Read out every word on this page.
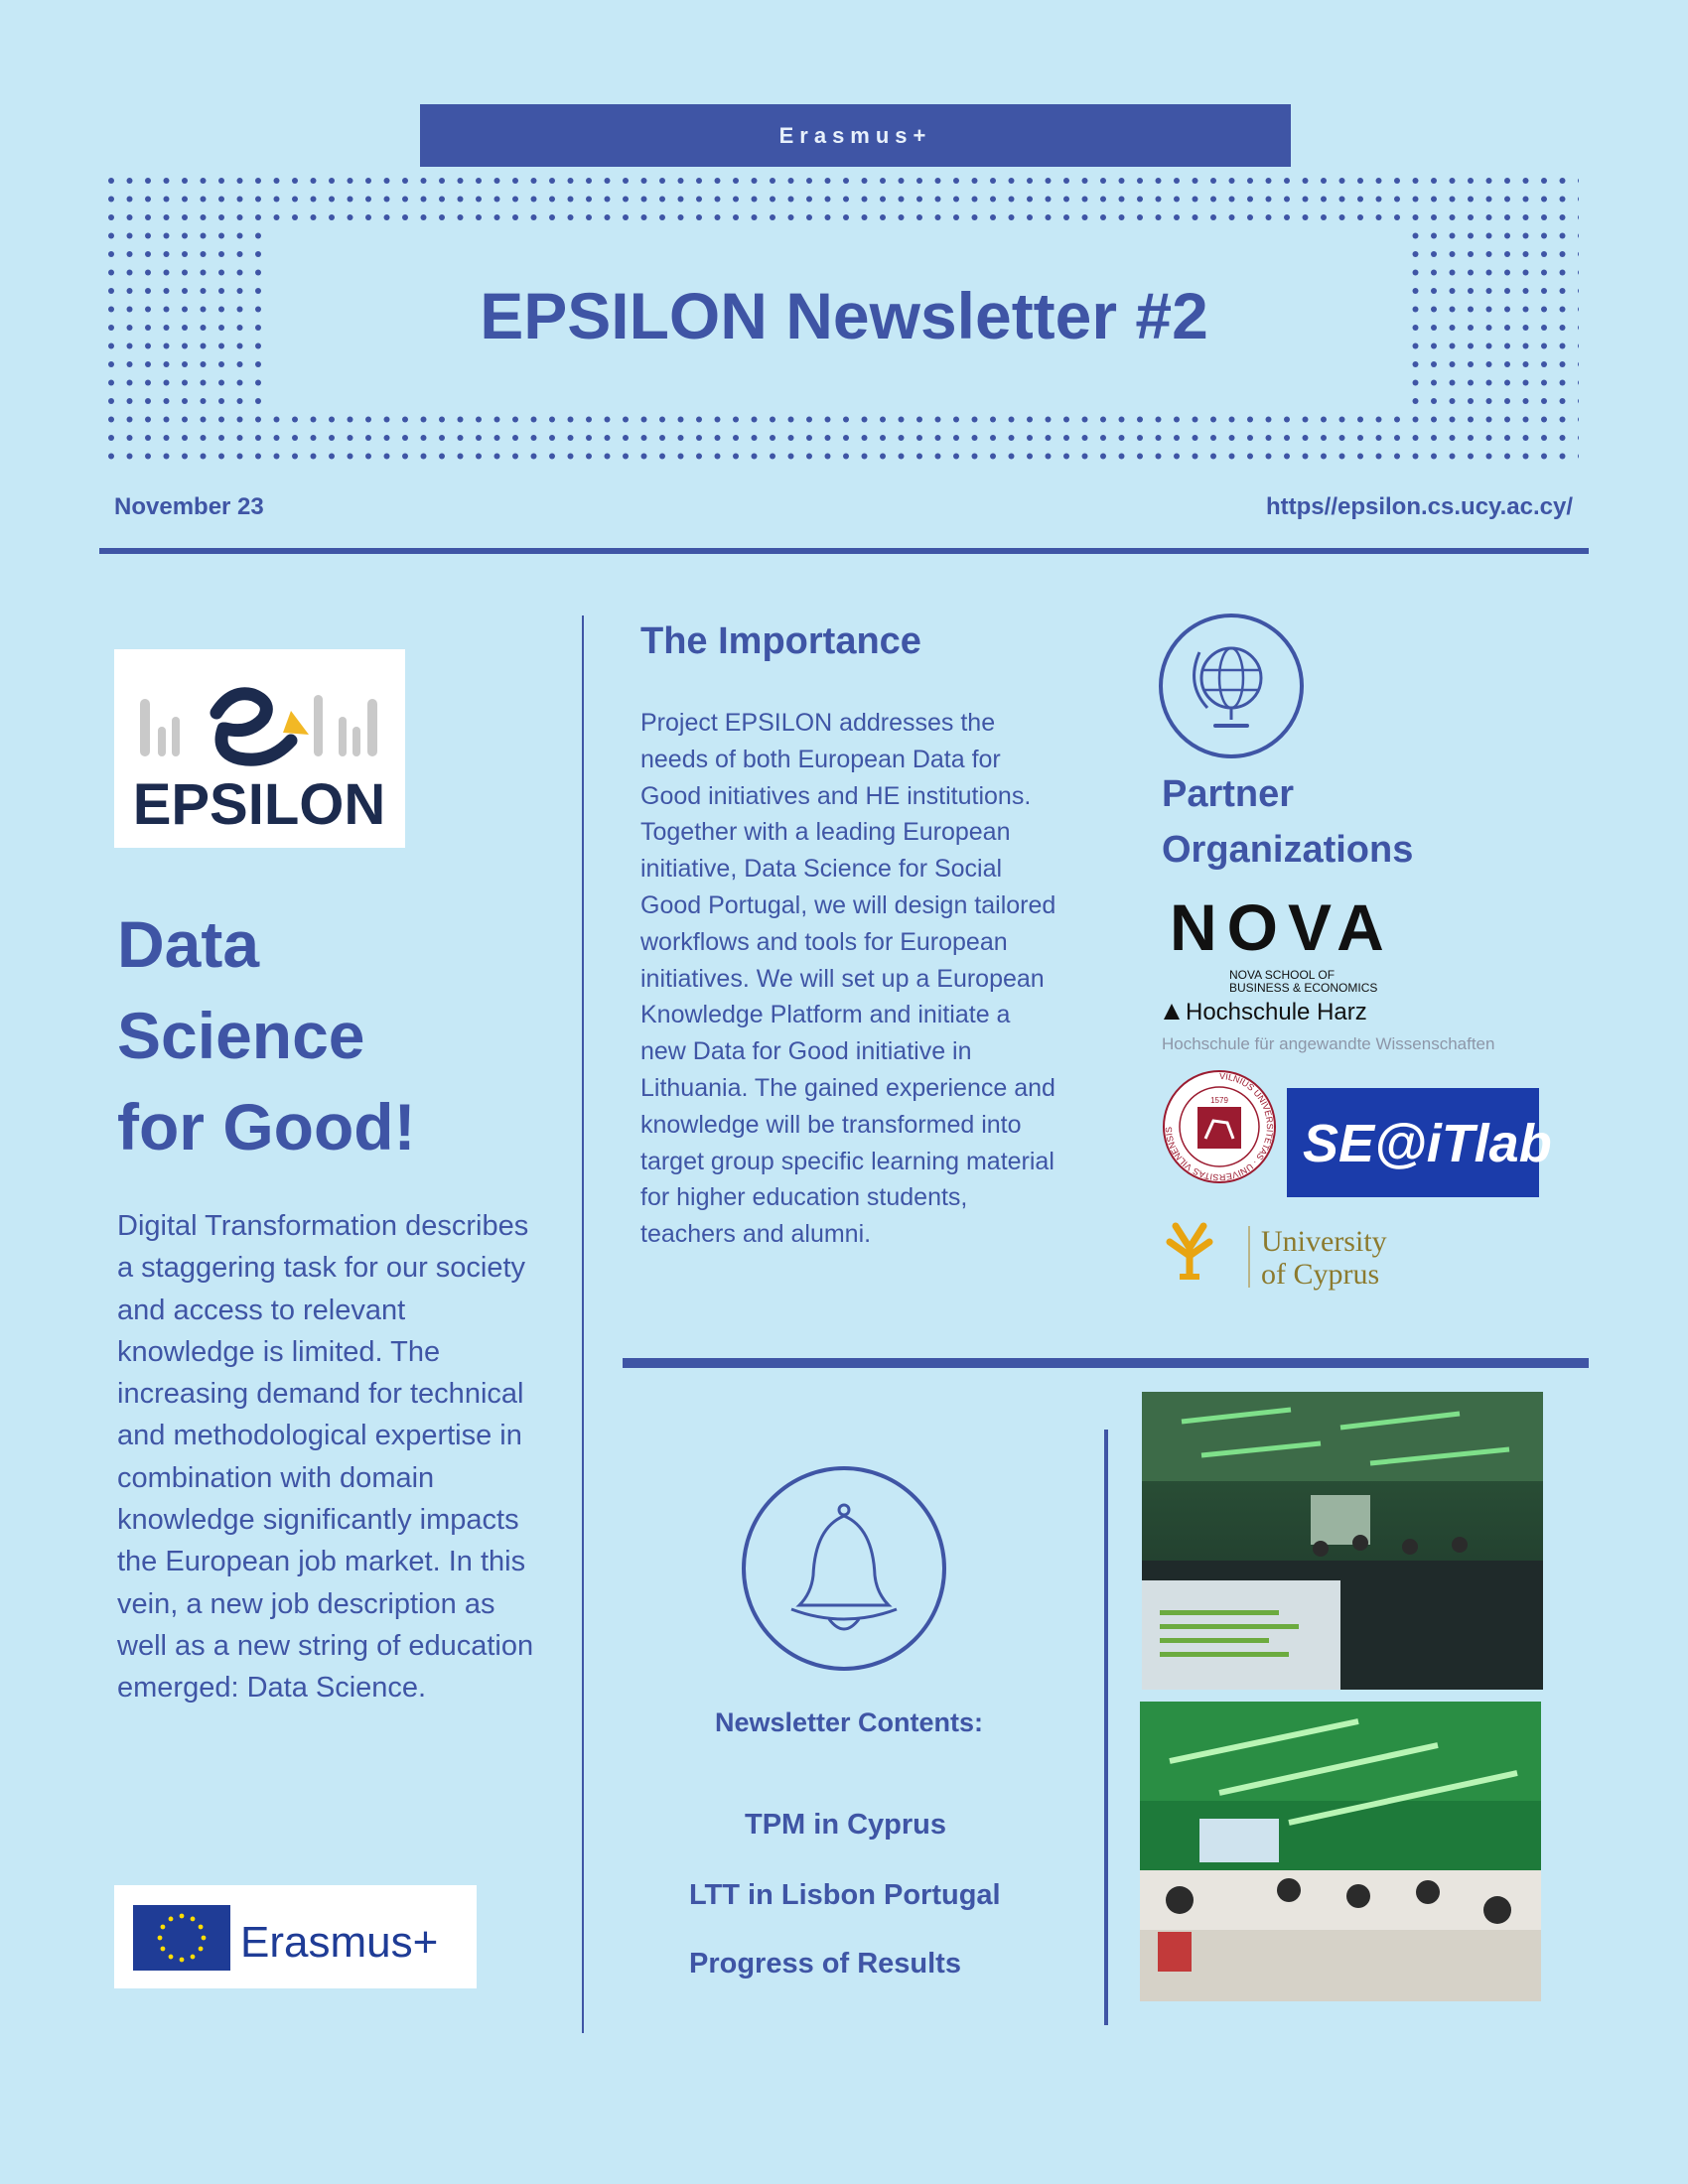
Erasmus+
EPSILON Newsletter #2
November 23	https//epsilon.cs.ucy.ac.cy/
EPSILON
Data
Science
for Good!
Digital Transformation describes a staggering task for our society and access to relevant knowledge is limited. The increasing demand for technical and methodological expertise in combination with domain knowledge significantly impacts the European job market. In this vein, a new job description as well as a new string of education emerged: Data Science.
Erasmus+
The Importance
Project EPSILON addresses the needs of both European Data for Good initiatives and HE institutions. Together with a leading European initiative, Data Science for Social Good Portugal, we will design tailored workflows and tools for European initiatives. We will set up a European Knowledge Platform and initiate a new Data for Good initiative in Lithuania. The gained experience and knowledge will be transformed into target group specific learning material for higher education students, teachers and alumni.
Partner
Organizations
NOVA
NOVA SCHOOL OF
BUSINESS & ECONOMICS
Hochschule Harz
Hochschule für angewandte Wissenschaften
VILNIUS UNIVERSITETAS · UNIVERSITAS VILNENSIS
1579
SE@iTlab
University
of Cyprus
Newsletter Contents:
TPM in Cyprus
LTT in Lisbon Portugal
Progress of Results
